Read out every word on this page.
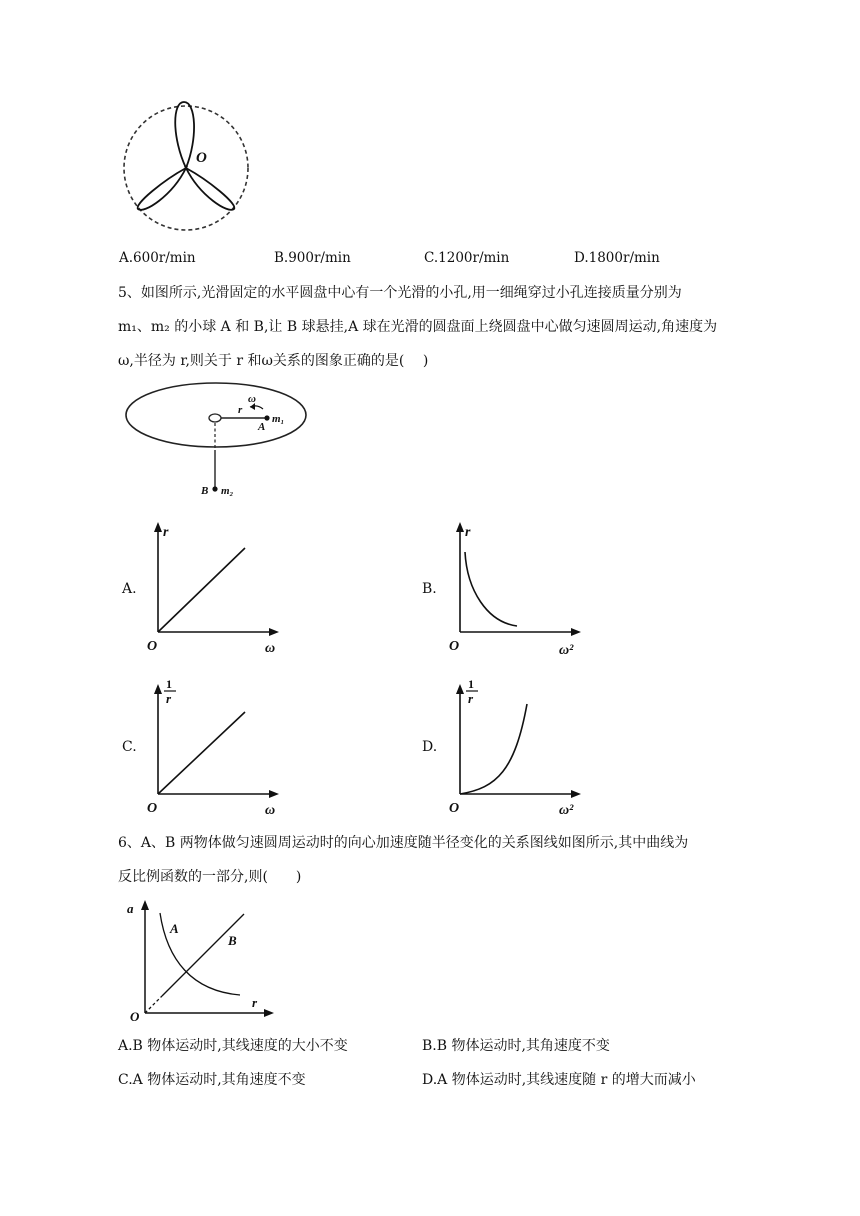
O
A.600r/min	B.900r/min	C.1200r/min	D.1800r/min
5、如图所示,光滑固定的水平圆盘中心有一个光滑的小孔,用一细绳穿过小孔连接质量分别为
m₁、m₂ 的小球 A 和 B,让 B 球悬挂,A 球在光滑的圆盘面上绕圆盘中心做匀速圆周运动,角速度为
ω,半径为 r,则关于 r 和ω关系的图象正确的是(　 )
r
ω
A
m₁
B m₂
A.	B.
C.	D.
r
ω
O
r
ω²
O
1
r
ω
O
1
r
ω²
O
6、A、B 两物体做匀速圆周运动时的向心加速度随半径变化的关系图线如图所示,其中曲线为
反比例函数的一部分,则(　　)
a
r
O
A
B
A.B 物体运动时,其线速度的大小不变	B.B 物体运动时,其角速度不变
C.A 物体运动时,其角速度不变	D.A 物体运动时,其线速度随 r 的增大而减小
